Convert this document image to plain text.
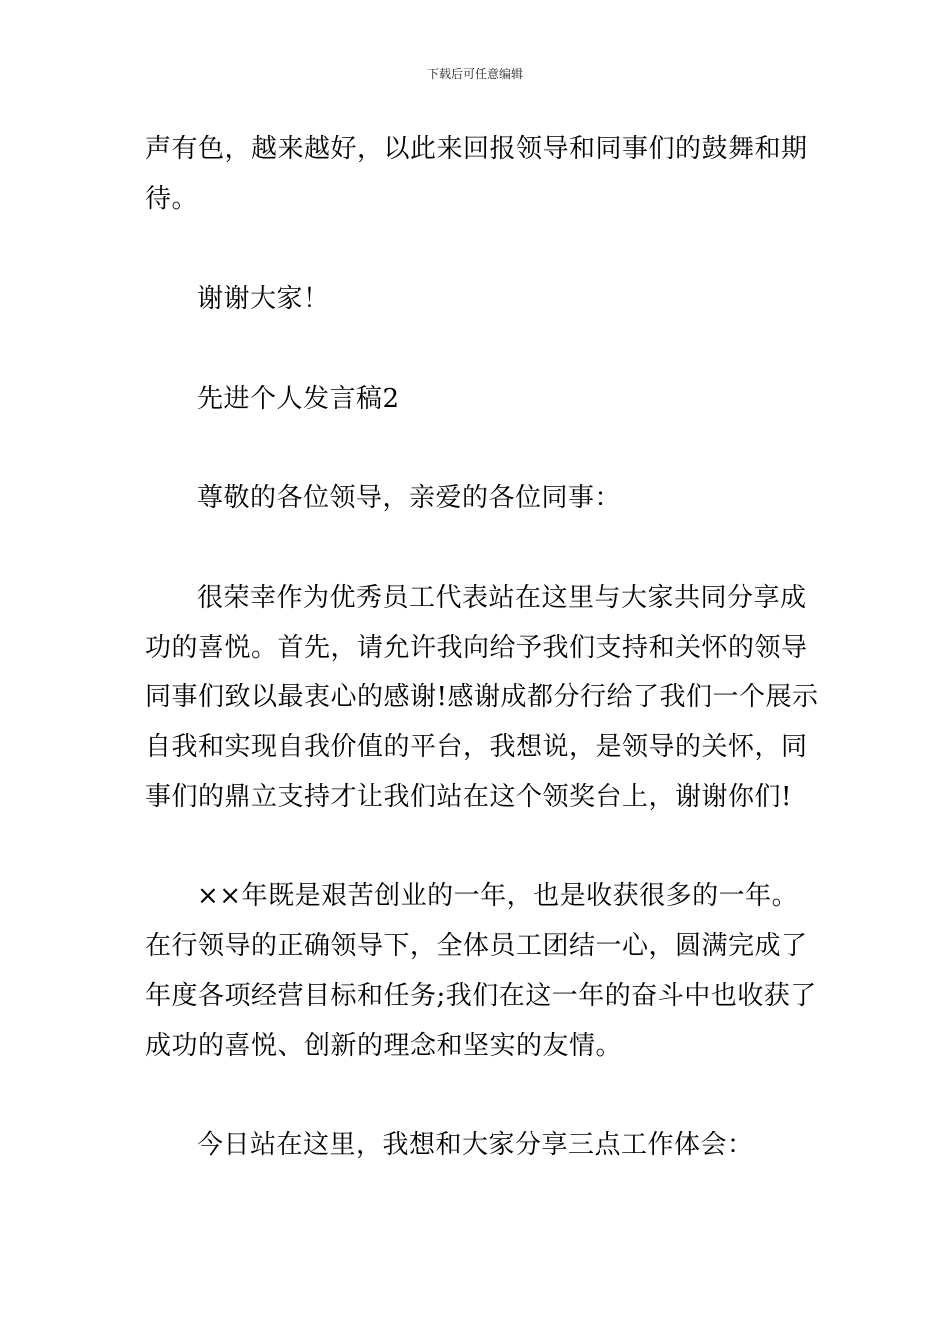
下载后可任意编辑
声有色，越来越好，以此来回报领导和同事们的鼓舞和期
待。
谢谢大家！
先进个人发言稿2
尊敬的各位领导，亲爱的各位同事：
很荣幸作为优秀员工代表站在这里与大家共同分享成
功的喜悦。首先，请允许我向给予我们支持和关怀的领导
同事们致以最衷心的感谢!感谢成都分行给了我们一个展示
自我和实现自我价值的平台，我想说，是领导的关怀，同
事们的鼎立支持才让我们站在这个领奖台上，谢谢你们!
××年既是艰苦创业的一年，也是收获很多的一年。
在行领导的正确领导下，全体员工团结一心，圆满完成了
年度各项经营目标和任务;我们在这一年的奋斗中也收获了
成功的喜悦、创新的理念和坚实的友情。
今日站在这里，我想和大家分享三点工作体会：
